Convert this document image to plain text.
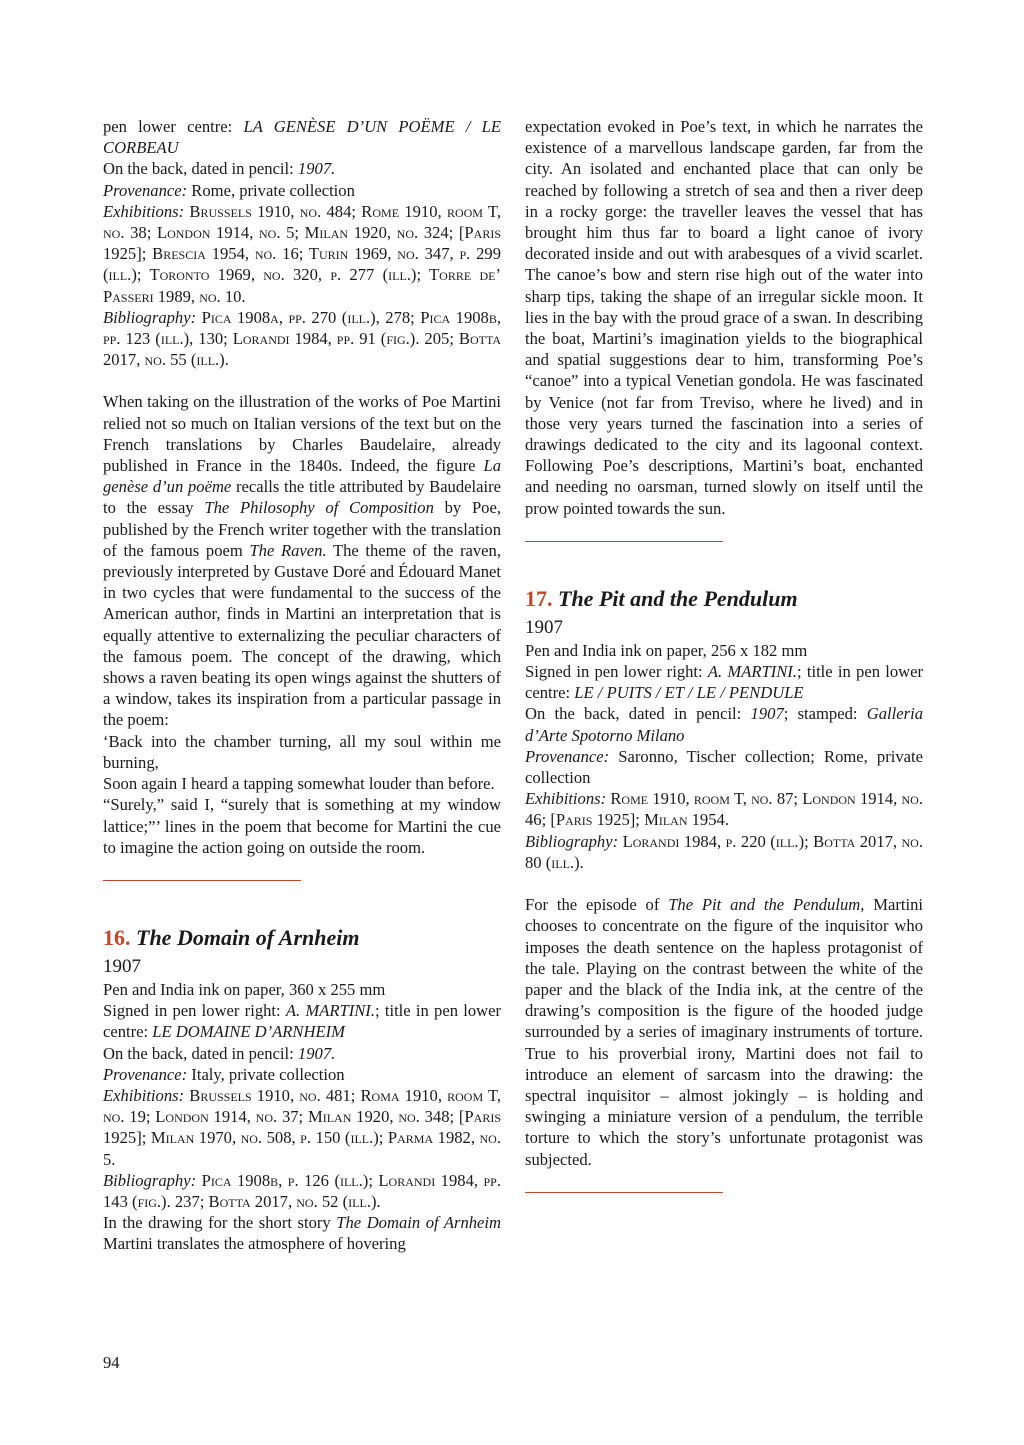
pen lower centre: LA GENÈSE D’UN POËME / LE CORBEAU

On the back, dated in pencil: 1907.

Provenance: Rome, private collection

Exhibitions: Brussels 1910, no. 484; Rome 1910, room T, no. 38; London 1914, no. 5; Milan 1920, no. 324; [Paris 1925]; Brescia 1954, no. 16; Turin 1969, no. 347, p. 299 (ill.); Toronto 1969, no. 320, p. 277 (ill.); Torre de’ Passeri 1989, no. 10.

Bibliography: Pica 1908a, pp. 270 (ill.), 278; Pica 1908b, pp. 123 (ill.), 130; Lorandi 1984, pp. 91 (fig.). 205; Botta 2017, no. 55 (ill.).

When taking on the illustration of the works of Poe Martini relied not so much on Italian versions of the text but on the French translations by Charles Baudelaire, already published in France in the 1840s. Indeed, the figure La genèse d’un poëme recalls the title attributed by Baudelaire to the essay The Philosophy of Composition by Poe, published by the French writer together with the translation of the famous poem The Raven. The theme of the raven, previously interpreted by Gustave Doré and Édouard Manet in two cycles that were fundamental to the success of the American author, finds in Martini an interpretation that is equally attentive to externalizing the peculiar characters of the famous poem. The concept of the drawing, which shows a raven beating its open wings against the shutters of a window, takes its inspiration from a particular passage in the poem:

‘Back into the chamber turning, all my soul within me burning,

Soon again I heard a tapping somewhat louder than before.

“Surely,” said I, “surely that is something at my window lattice;”’ lines in the poem that become for Martini the cue to imagine the action going on outside the room.

16. The Domain of Arnheim

1907

Pen and India ink on paper, 360 x 255 mm

Signed in pen lower right: A. MARTINI.; title in pen lower centre: LE DOMAINE D’ARNHEIM

On the back, dated in pencil: 1907.

Provenance: Italy, private collection

Exhibitions: Brussels 1910, no. 481; Roma 1910, room T, no. 19; London 1914, no. 37; Milan 1920, no. 348; [Paris 1925]; Milan 1970, no. 508, p. 150 (ill.); Parma 1982, no. 5.

Bibliography: Pica 1908b, p. 126 (ill.); Lorandi 1984, pp. 143 (fig.). 237; Botta 2017, no. 52 (ill.).

In the drawing for the short story The Domain of Arnheim Martini translates the atmosphere of hovering

expectation evoked in Poe’s text, in which he narrates the existence of a marvellous landscape garden, far from the city. An isolated and enchanted place that can only be reached by following a stretch of sea and then a river deep in a rocky gorge: the traveller leaves the vessel that has brought him thus far to board a light canoe of ivory decorated inside and out with arabesques of a vivid scarlet. The canoe’s bow and stern rise high out of the water into sharp tips, taking the shape of an irregular sickle moon. It lies in the bay with the proud grace of a swan. In describing the boat, Martini’s imagination yields to the biographical and spatial suggestions dear to him, transforming Poe’s “canoe” into a typical Venetian gondola. He was fascinated by Venice (not far from Treviso, where he lived) and in those very years turned the fascination into a series of drawings dedicated to the city and its lagoonal context. Following Poe’s descriptions, Martini’s boat, enchanted and needing no oarsman, turned slowly on itself until the prow pointed towards the sun.

17. The Pit and the Pendulum

1907

Pen and India ink on paper, 256 x 182 mm

Signed in pen lower right: A. MARTINI.; title in pen lower centre: LE / PUITS / ET / LE / PENDULE

On the back, dated in pencil: 1907; stamped: Galleria d’Arte Spotorno Milano

Provenance: Saronno, Tischer collection; Rome, private collection

Exhibitions: Rome 1910, room T, no. 87; London 1914, no. 46; [Paris 1925]; Milan 1954.

Bibliography: Lorandi 1984, p. 220 (ill.); Botta 2017, no. 80 (ill.).

For the episode of The Pit and the Pendulum, Martini chooses to concentrate on the figure of the inquisitor who imposes the death sentence on the hapless protagonist of the tale. Playing on the contrast between the white of the paper and the black of the India ink, at the centre of the drawing’s composition is the figure of the hooded judge surrounded by a series of imaginary instruments of torture. True to his proverbial irony, Martini does not fail to introduce an element of sarcasm into the drawing: the spectral inquisitor – almost jokingly – is holding and swinging a miniature version of a pendulum, the terrible torture to which the story’s unfortunate protagonist was subjected.

94
